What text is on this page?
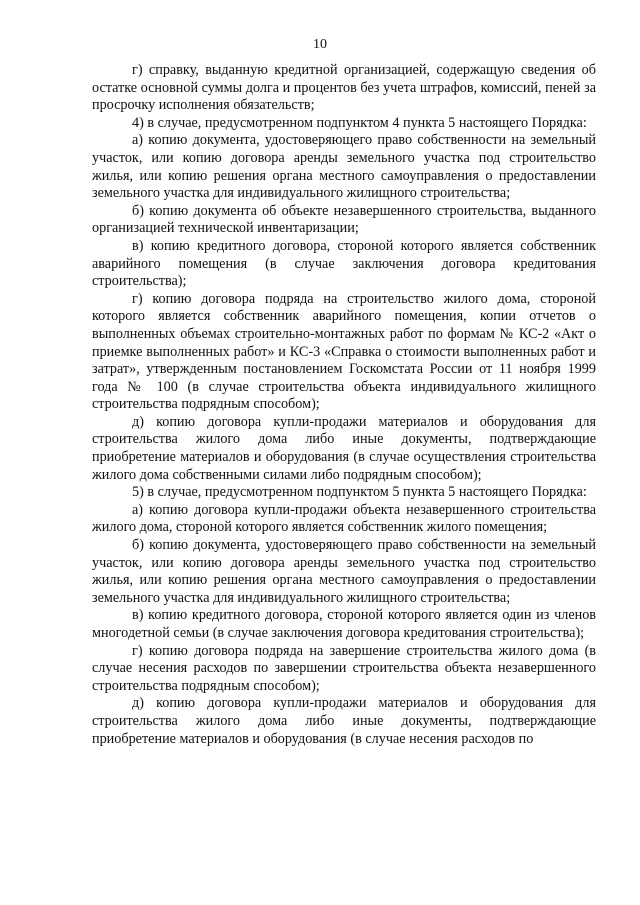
10

г) справку, выданную кредитной организацией, содержащую сведения об остатке основной суммы долга и процентов без учета штрафов, комиссий, пеней за просрочку исполнения обязательств;

4) в случае, предусмотренном подпунктом 4 пункта 5 настоящего Порядка:

а) копию документа, удостоверяющего право собственности на земельный участок, или копию договора аренды земельного участка под строительство жилья, или копию решения органа местного самоуправления о предоставлении земельного участка для индивидуального жилищного строительства;

б) копию документа об объекте незавершенного строительства, выданного организацией технической инвентаризации;

в) копию кредитного договора, стороной которого является собственник аварийного помещения (в случае заключения договора кредитования строительства);

г) копию договора подряда на строительство жилого дома, стороной которого является собственник аварийного помещения, копии отчетов о выполненных объемах строительно-монтажных работ по формам № КС-2 «Акт о приемке выполненных работ» и КС-3 «Справка о стоимости выполненных работ и затрат», утвержденным постановлением Госкомстата России от 11 ноября 1999 года № 100 (в случае строительства объекта индивидуального жилищного строительства подрядным способом);

д) копию договора купли-продажи материалов и оборудования для строительства жилого дома либо иные документы, подтверждающие приобретение материалов и оборудования (в случае осуществления строительства жилого дома собственными силами либо подрядным способом);

5) в случае, предусмотренном подпунктом 5 пункта 5 настоящего Порядка:

а) копию договора купли-продажи объекта незавершенного строительства жилого дома, стороной которого является собственник жилого помещения;

б) копию документа, удостоверяющего право собственности на земельный участок, или копию договора аренды земельного участка под строительство жилья, или копию решения органа местного самоуправления о предоставлении земельного участка для индивидуального жилищного строительства;

в) копию кредитного договора, стороной которого является один из членов многодетной семьи (в случае заключения договора кредитования строительства);

г) копию договора подряда на завершение строительства жилого дома (в случае несения расходов по завершении строительства объекта незавершенного строительства подрядным способом);

д) копию договора купли-продажи материалов и оборудования для строительства жилого дома либо иные документы, подтверждающие приобретение материалов и оборудования (в случае несения расходов по
